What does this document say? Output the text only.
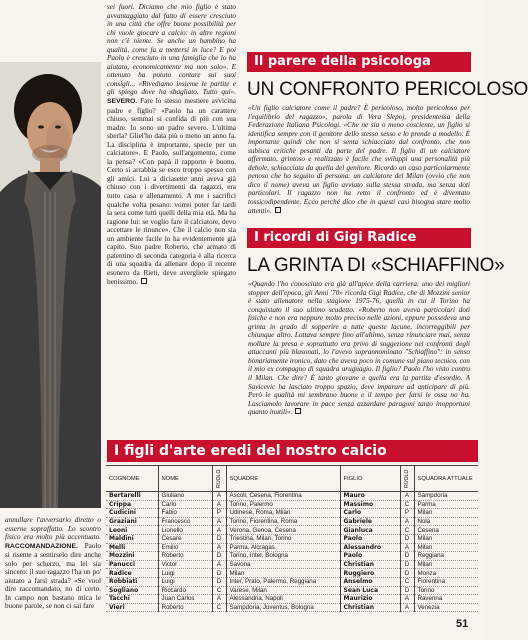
annullare l'avversario diretto o esserne sopraffatto. Lo scontro fisico era molto più accentuato. RACCOMANDAZIONE. Paolo si risente a sentirselo dire anche solo per scherzo, ma lei sia sincero: il suo ragazzo l'ha un po' aiutato a farsi strada? «Se vuol dire raccomandato, no di certo. In campo non bastano mica le buone parole, se non ci sai fare
sei fuori. Diciamo che mio figlio è stato avvantaggiato dal fatto di essere cresciuto in una città che offre buone possibilità per chi vuole giocare a calcio: in altre regioni non c'è niente. Se anche un bambino ha qualità, come fa a mettersi in luce? E poi Paolo è cresciuto in una famiglia che lo ha aiutato, economicamente ma non solo». E ottenuto ha potuto contare sui suoi consigli... «Rivediamo insieme le partite e gli spiego dove ha sbagliato. Tutto qui». SEVERO. Fare lo stesso mestiere avvicina padre e figlio? «Paolo ha un carattere chiuso, semmai si confida di più con sua madre. Io sono un padre severo. L'ultima sberla? Gliel'ho data più o meno un anno fa. La disciplina è importante, specie per un calciatore». E Paolo, sull'argomento, come la pensa? «Con papà il rapporto è buono. Certo si arrabbia se esco troppo spesso con gli amici. Lui a diciasette anni aveva già chiuso con i divertimenti da ragazzi, era tutto casa e allenamento. A me i sacrifici qualche volta pesano: vorrei poter far tardi la sera come tutti quelli della mia età. Ma ha ragione lui: se voglio fare il calciatore, devo accettare le rinunce». Che il calcio non sia un ambiente facile lo ha evidentemente già capito. Suo padre Roberto, che armato di patentino di seconda categoria è alla ricerca di una squadra da allenare dopo il recente esonero da Rieti, deve avergliele spiegato benissimo.
Il parere della psicologa
UN CONFRONTO PERICOLOSO
«Un figlio calciatore come il padre? È pericoloso, molto pericoloso per l'equilibrio del ragazzo», parola di Vera Slepoj, presidentessa della Federazione Italiana Psicologi. «Che ne sia o meno cosciente, un figlio si identifica sempre con il genitore dello stesso sesso e lo prende a modello. È importante quindi che non si senta schiacciato dal confronto, che non subisca critiche pesanti da parte del padre. Il figlio di un calciatore affermato, grintoso e realizzato è facile che sviluppi una personalità più debole, schiacciata da quella del genitore. Ricordo un caso particolarmente penoso che ho seguito di persona: un calciatore del Milan (ovvio che non dico il nome) aveva un figlio avviato sulla stessa strada, ma senza doti particolari. Il ragazzo non ha retto il confronto ed è diventato tossicodipendente. Ecco perché dico che in questi casi bisogna stare molto attenti».
I ricordi di Gigi Radice
LA GRINTA DI «SCHIAFFINO»
«Quando l'ho conosciuto era già all'apice della carriera: uno dei migliori stopper dell'epoca, gli Anni '70» ricorda Gigi Radice, che di Mozzini senior è stato allenatore nella stagione 1975-76, quella in cui il Torino ha conquistato il suo ultimo scudetto. «Roberto non aveva particolari doti fisiche e non era neppure molto preciso nelle azioni, eppure possedeva una grinta in grado di sopperire a tutte queste lacune, incorreggibili per chiunque altro. Lottava sempre fino all'ultimo, senza rinunciare mai, senza mollare la presa e soprattutto era privo di soggezione nei confronti degli attaccanti più blasonati, lo l'avevo soprannominato "Schiaffino": in senso bonariamente ironico, dato che aveva poco in comune sul piano tecnico, con il mio ex compagno di squadra uruguagio. Il figlio? Paolo l'ho visto contro il Milan. Che dire? È tanto giovane e quella era la partita d'esordio. A Savicevic ha lasciato troppo spazio, deve imparare ad anticipare di più. Però le qualità mi sembrano buone e il tempo per farsi le ossa no ha. Lasciamolo lavorare in pace senza azzardare paragoni tanto inopportuni quanto inutili».
I figli d'arte eredi del nostro calcio
COGNOME	NOME	RUOLO	SQUADRE	FIGLIO	RUOLO	SQUADRA ATTUALE
Bertarelli	Giuliano	A	Ascoli, Cesena, Fiorentina	Mauro	A	Sampdoria
Crippa	Carlo	A	Torino, Palermo	Massimo	C	Parma
Cudicini	Fabio	P	Udinese, Roma, Milan	Carlo	P	Milan
Graziani	Francesco	A	Torino, Fiorentina, Roma	Gabriele	A	Nola
Leoni	Lionello	A	Verona, Genoa, Cesena	Gianluca	C	Cesena
Maldini	Cesare	D	Triestina, Milan, Torino	Paolo	D	Milan
Melli	Emilio	A	Parma, Alcragas	Alessandro	A	Milan
Mozzini	Roberto	D	Torino, Inter, Bologna	Paolo	D	Reggiana
Panucci	Victor	A	Savona	Christian	D	Milan
Radice	Luigi	D	Milan	Ruggiero	D	Monza
Robbiati	Luigi	D	Inter, Prato, Palermo, Reggiana	Anselmo	C	Fiorentina
Sogliano	Riccardo	C	Varese, Milan	Sean Luca	D	Torino
Tacchi	Juan Carlos	A	Alessandria, Napoli	Maurizio	A	Ravenna
Vieri	Roberto	C	Sampdoria, Juventus, Bologna	Christian	A	Venezia
51
